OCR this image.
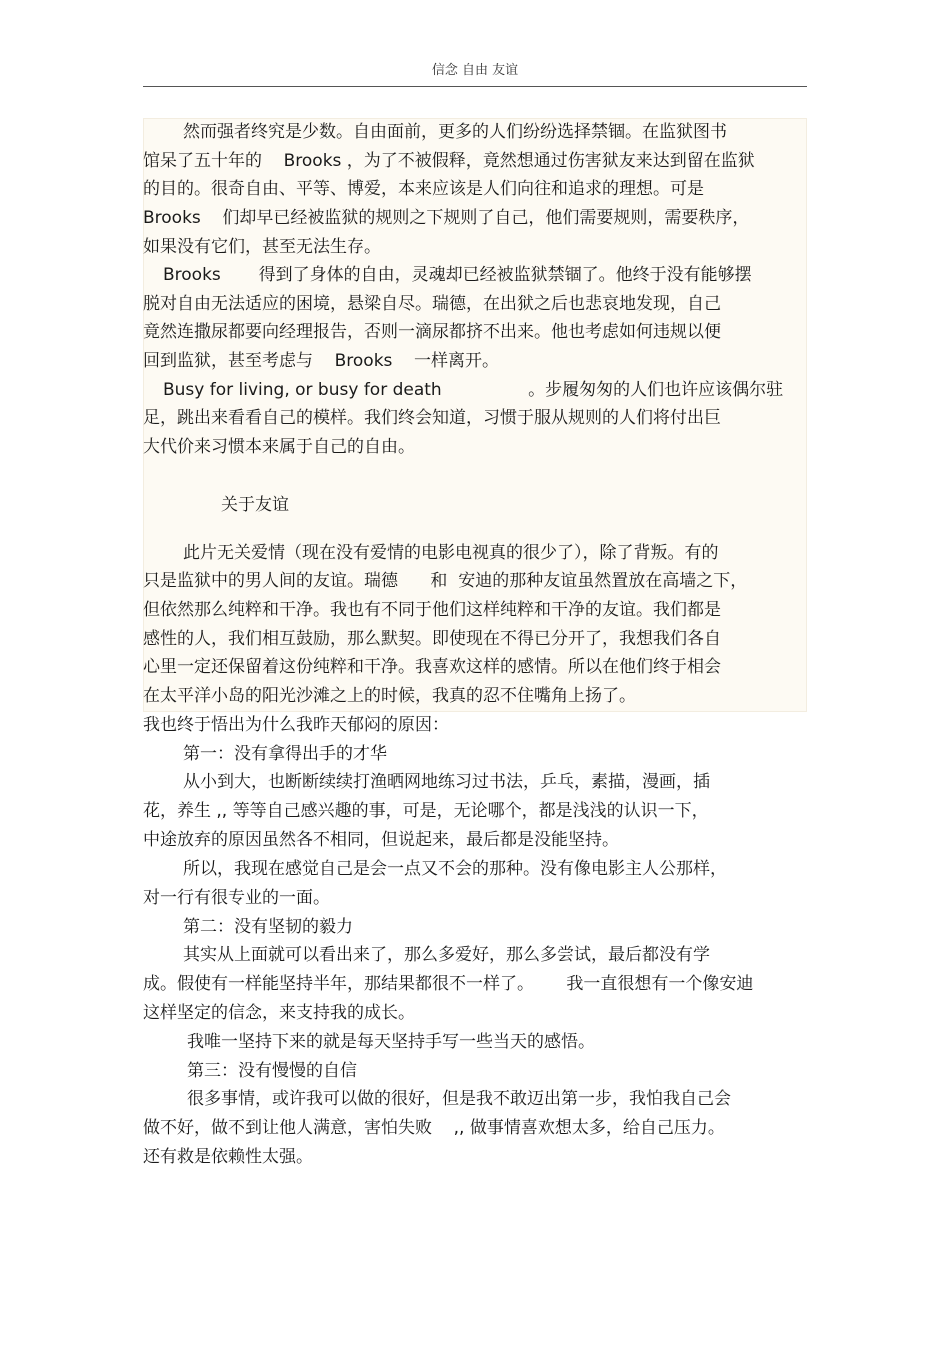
信念 自由 友谊
然而强者终究是少数。自由面前，更多的人们纷纷选择禁锢。在监狱图书
馆呆了五十年的    Brooks ，为了不被假释，竟然想通过伤害狱友来达到留在监狱
的目的。很奇自由、平等、博爱，本来应该是人们向往和追求的理想。可是
Brooks    们却早已经被监狱的规则之下规则了自己，他们需要规则，需要秩序，
如果没有它们，甚至无法生存。
Brooks       得到了身体的自由，灵魂却已经被监狱禁锢了。他终于没有能够摆
脱对自由无法适应的困境，悬梁自尽。瑞德，在出狱之后也悲哀地发现，自己
竟然连撒尿都要向经理报告，否则一滴尿都挤不出来。他也考虑如何违规以便
回到监狱，甚至考虑与    Brooks    一样离开。
Busy for living, or busy for death                。步履匆匆的人们也许应该偶尔驻
足，跳出来看看自己的模样。我们终会知道，习惯于服从规则的人们将付出巨
大代价来习惯本来属于自己的自由。
关于友谊
此片无关爱情（现在没有爱情的电影电视真的很少了），除了背叛。有的
只是监狱中的男人间的友谊。瑞德      和  安迪的那种友谊虽然置放在高墙之下，
但依然那么纯粹和干净。我也有不同于他们这样纯粹和干净的友谊。我们都是
感性的人，我们相互鼓励，那么默契。即使现在不得已分开了，我想我们各自
心里一定还保留着这份纯粹和干净。我喜欢这样的感情。所以在他们终于相会
在太平洋小岛的阳光沙滩之上的时候，我真的忍不住嘴角上扬了。
我也终于悟出为什么我昨天郁闷的原因：
第一：没有拿得出手的才华
从小到大，也断断续续打渔晒网地练习过书法，乒乓，素描，漫画，插
花，养生 ,, 等等自己感兴趣的事，可是，无论哪个，都是浅浅的认识一下，
中途放弃的原因虽然各不相同，但说起来，最后都是没能坚持。
所以，我现在感觉自己是会一点又不会的那种。没有像电影主人公那样，
对一行有很专业的一面。
第二：没有坚韧的毅力
其实从上面就可以看出来了，那么多爱好，那么多尝试，最后都没有学
成。假使有一样能坚持半年，那结果都很不一样了。      我一直很想有一个像安迪
这样坚定的信念，来支持我的成长。
我唯一坚持下来的就是每天坚持手写一些当天的感悟。
第三：没有慢慢的自信
很多事情，或许我可以做的很好，但是我不敢迈出第一步，我怕我自己会
做不好，做不到让他人满意，害怕失败    ,, 做事情喜欢想太多，给自己压力。
还有救是依赖性太强。
